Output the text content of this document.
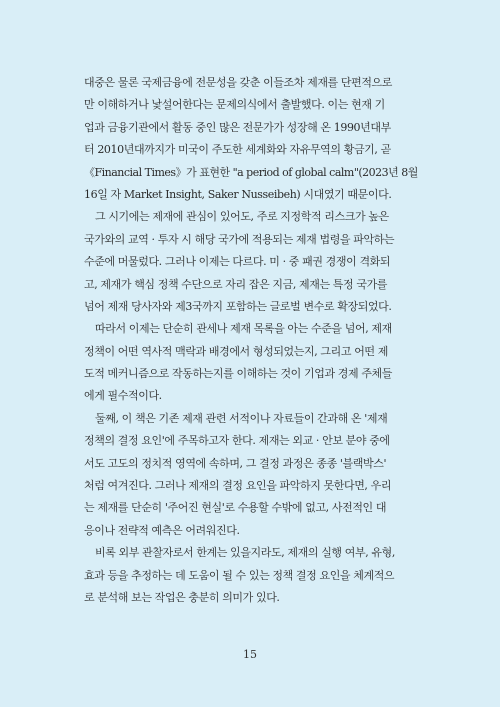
대중은 물론 국제금융에 전문성을 갖춘 이들조차 제재를 단편적으로
만 이해하거나 낯설어한다는 문제의식에서 출발했다. 이는 현재 기
업과 금융기관에서 활동 중인 많은 전문가가 성장해 온 1990년대부
터 2010년대까지가 미국이 주도한 세계화와 자유무역의 황금기, 곧
《Financial Times》가 표현한 "a period of global calm"(2023년 8월
16일 자 Market Insight, Saker Nusseibeh) 시대였기 때문이다.

그 시기에는 제재에 관심이 있어도, 주로 지정학적 리스크가 높은
국가와의 교역 · 투자 시 해당 국가에 적용되는 제재 법령을 파악하는
수준에 머물렀다. 그러나 이제는 다르다. 미 · 중 패권 경쟁이 격화되
고, 제재가 핵심 정책 수단으로 자리 잡은 지금, 제재는 특정 국가를
넘어 제재 당사자와 제3국까지 포함하는 글로벌 변수로 확장되었다.

따라서 이제는 단순히 관세나 제재 목록을 아는 수준을 넘어, 제재
정책이 어떤 역사적 맥락과 배경에서 형성되었는지, 그리고 어떤 제
도적 메커니즘으로 작동하는지를 이해하는 것이 기업과 경제 주체들
에게 필수적이다.

둘째, 이 책은 기존 제재 관련 서적이나 자료들이 간과해 온 '제재
정책의 결정 요인'에 주목하고자 한다. 제재는 외교 · 안보 분야 중에
서도 고도의 정치적 영역에 속하며, 그 결정 과정은 종종 '블랙박스'
처럼 여겨진다. 그러나 제재의 결정 요인을 파악하지 못한다면, 우리
는 제재를 단순히 '주어진 현실'로 수용할 수밖에 없고, 사전적인 대
응이나 전략적 예측은 어려워진다.

비록 외부 관찰자로서 한계는 있을지라도, 제재의 실행 여부, 유형,
효과 등을 추정하는 데 도움이 될 수 있는 정책 결정 요인을 체계적으
로 분석해 보는 작업은 충분히 의미가 있다.

15
